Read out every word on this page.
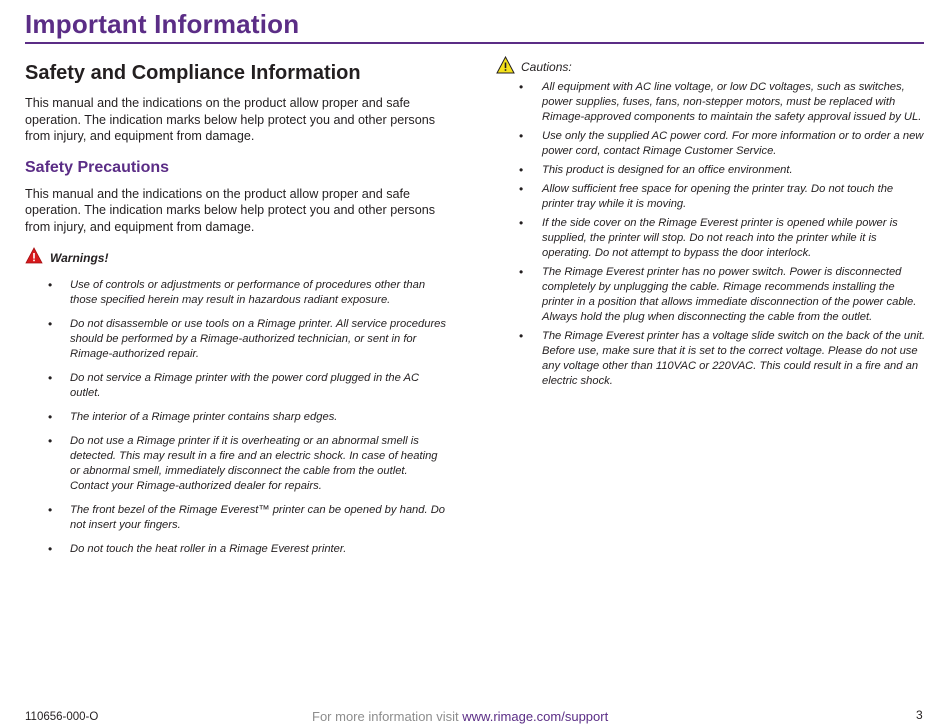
Important Information
Safety and Compliance Information

This manual and the indications on the product allow proper and safe operation. The indication marks below help protect you and other persons from injury, and equipment from damage.

Safety Precautions

This manual and the indications on the product allow proper and safe operation. The indication marks below help protect you and other persons from injury, and equipment from damage.

Warnings!
• Use of controls or adjustments or performance of procedures other than those specified herein may result in hazardous radiant exposure.
• Do not disassemble or use tools on a Rimage printer. All service procedures should be performed by a Rimage-authorized technician, or sent in for Rimage-authorized repair.
• Do not service a Rimage printer with the power cord plugged in the AC outlet.
• The interior of a Rimage printer contains sharp edges.
• Do not use a Rimage printer if it is overheating or an abnormal smell is detected. This may result in a fire and an electric shock. In case of heating or abnormal smell, immediately disconnect the cable from the outlet. Contact your Rimage-authorized dealer for repairs.
• The front bezel of the Rimage Everest™ printer can be opened by hand. Do not insert your fingers.
• Do not touch the heat roller in a Rimage Everest printer.
Cautions:
• All equipment with AC line voltage, or low DC voltages, such as switches, power supplies, fuses, fans, non-stepper motors, must be replaced with Rimage-approved components to maintain the safety approval issued by UL.
• Use only the supplied AC power cord. For more information or to order a new power cord, contact Rimage Customer Service.
• This product is designed for an office environment.
• Allow sufficient free space for opening the printer tray. Do not touch the printer tray while it is moving.
• If the side cover on the Rimage Everest printer is opened while power is supplied, the printer will stop. Do not reach into the printer while it is operating. Do not attempt to bypass the door interlock.
• The Rimage Everest printer has no power switch. Power is disconnected completely by unplugging the cable. Rimage recommends installing the printer in a position that allows immediate disconnection of the power cable. Always hold the plug when disconnecting the cable from the outlet.
• The Rimage Everest printer has a voltage slide switch on the back of the unit. Before use, make sure that it is set to the correct voltage. Please do not use any voltage other than 110VAC or 220VAC. This could result in a fire and an electric shock.
110656-000-O	For more information visit www.rimage.com/support	3
